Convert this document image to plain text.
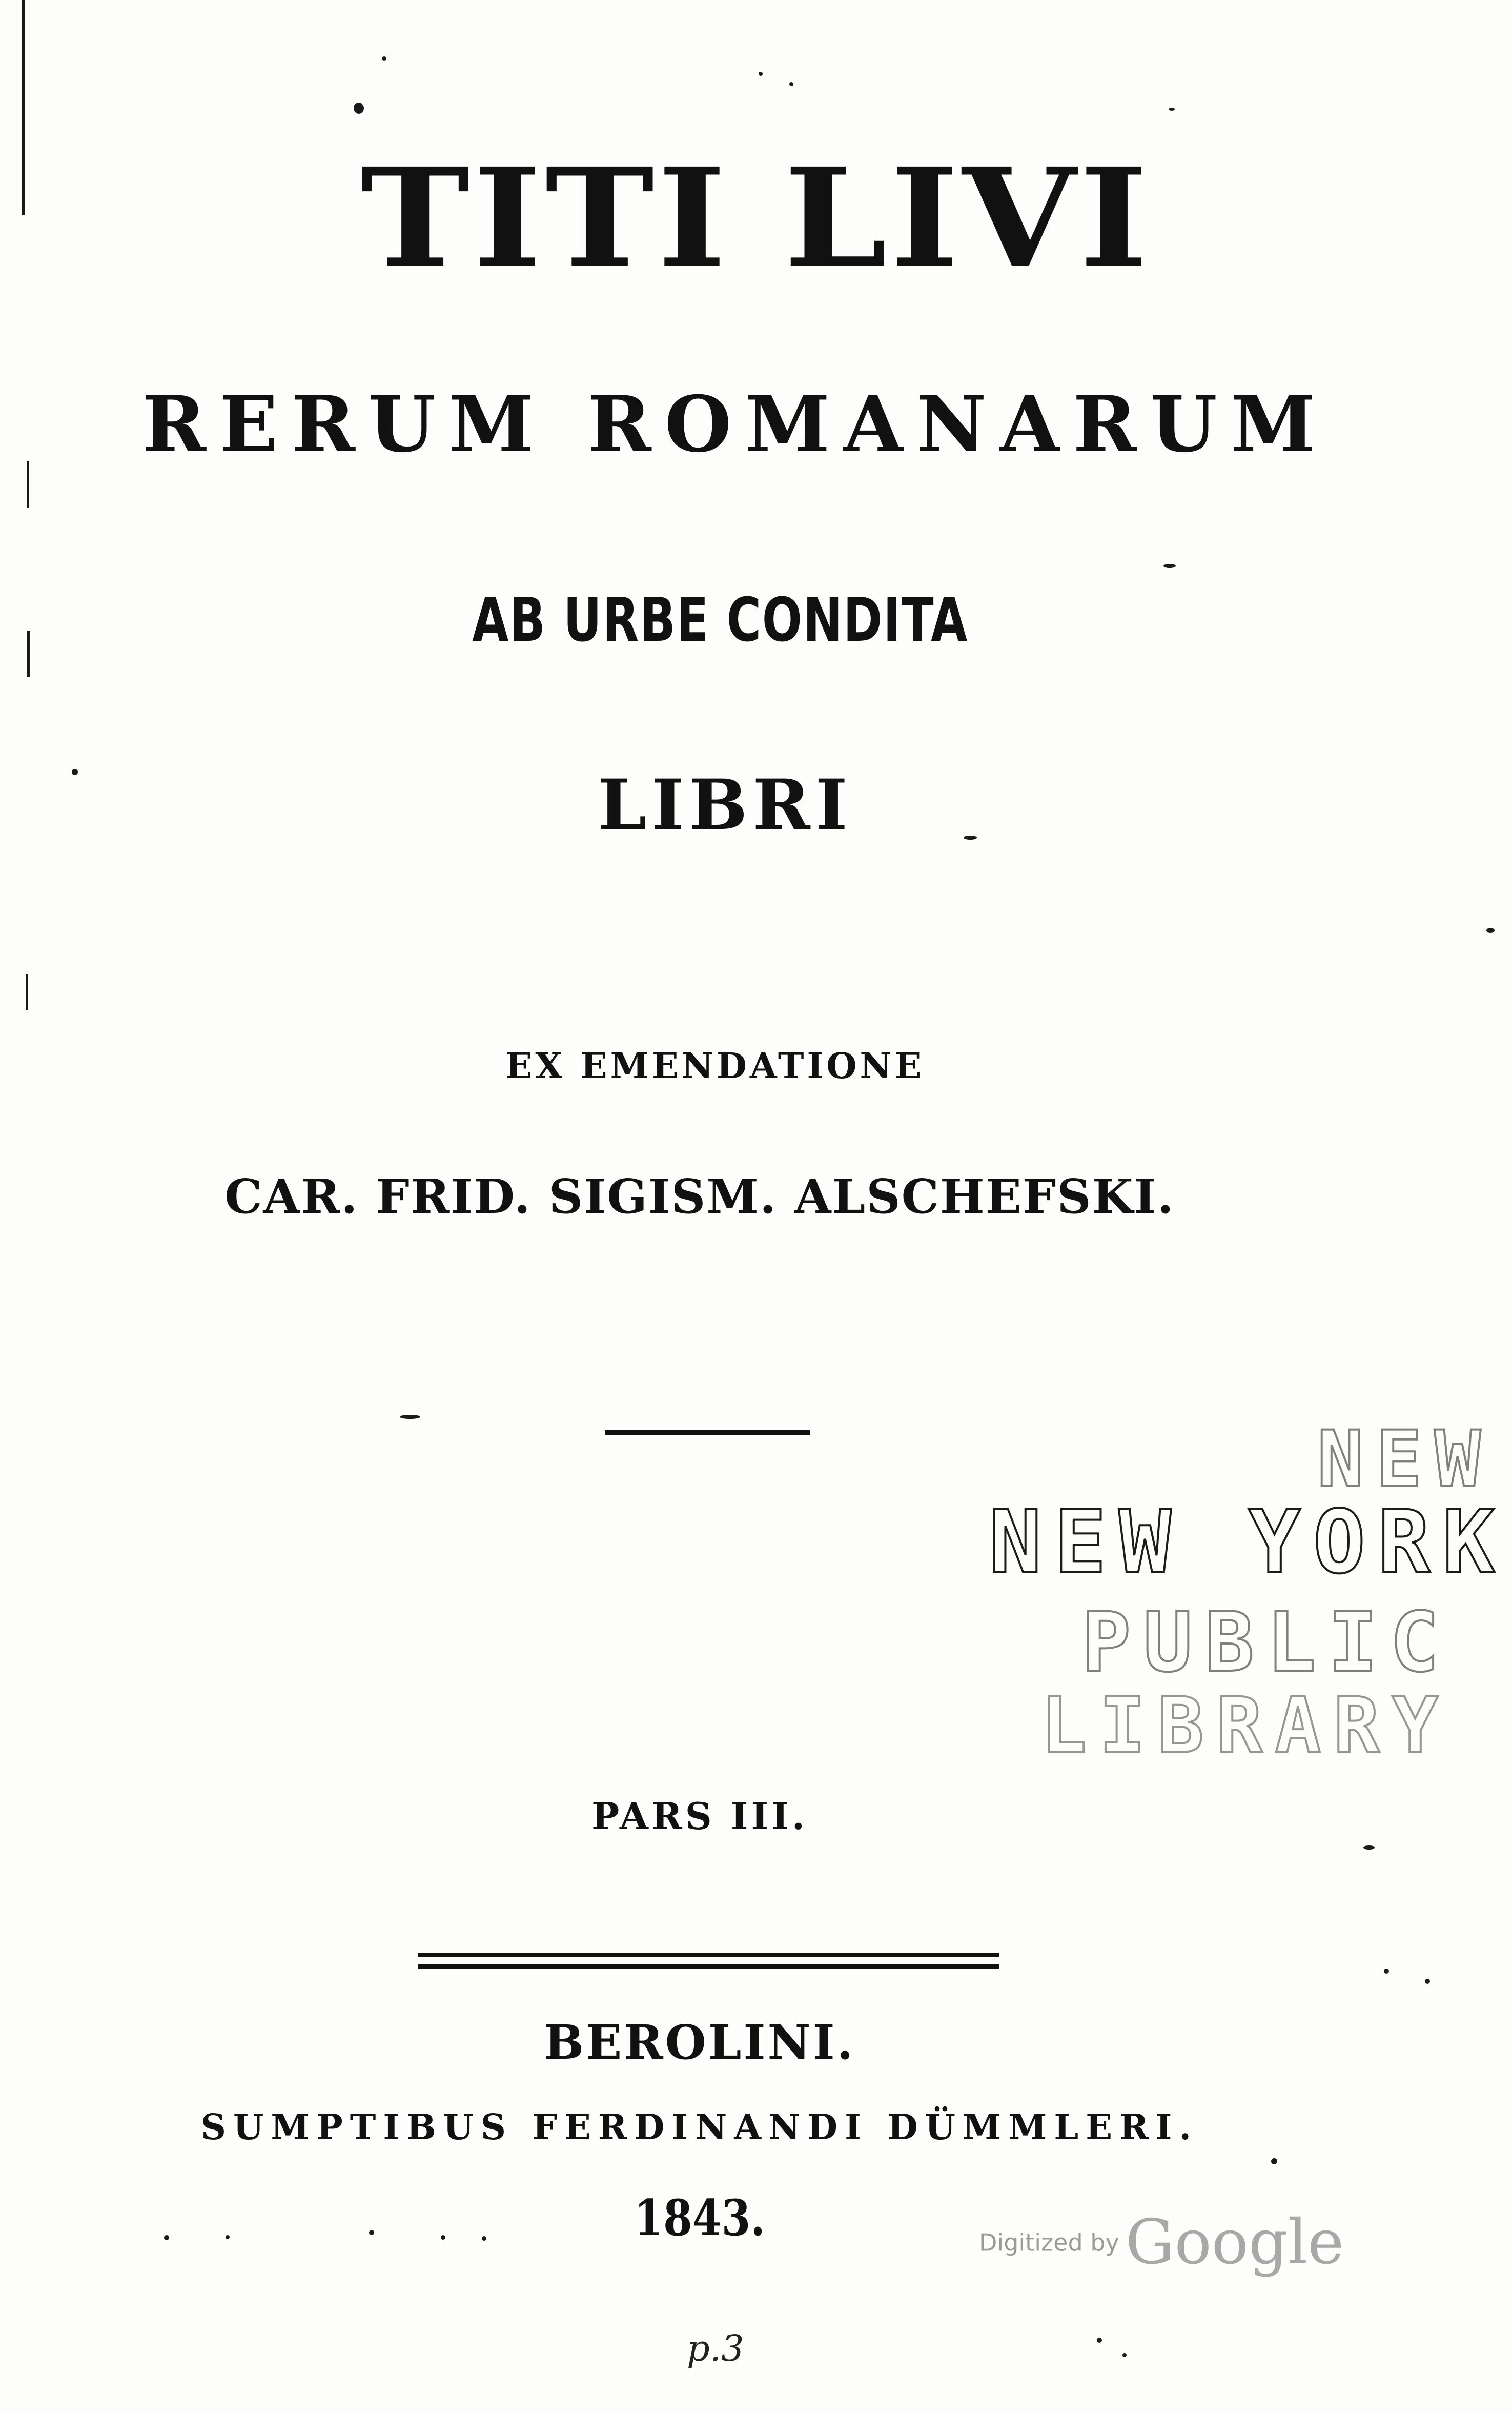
TITI LIVI
RERUM ROMANARUM
AB URBE CONDITA
LIBRI
EX EMENDATIONE
CAR. FRID. SIGISM. ALSCHEFSKI.
NEW
NEW YORK
PUBLIC
LIBRARY
PARS III.
BEROLINI.
SUMPTIBUS FERDINANDI DÜMMLERI.
1843.	Digitized by Google
p.3
